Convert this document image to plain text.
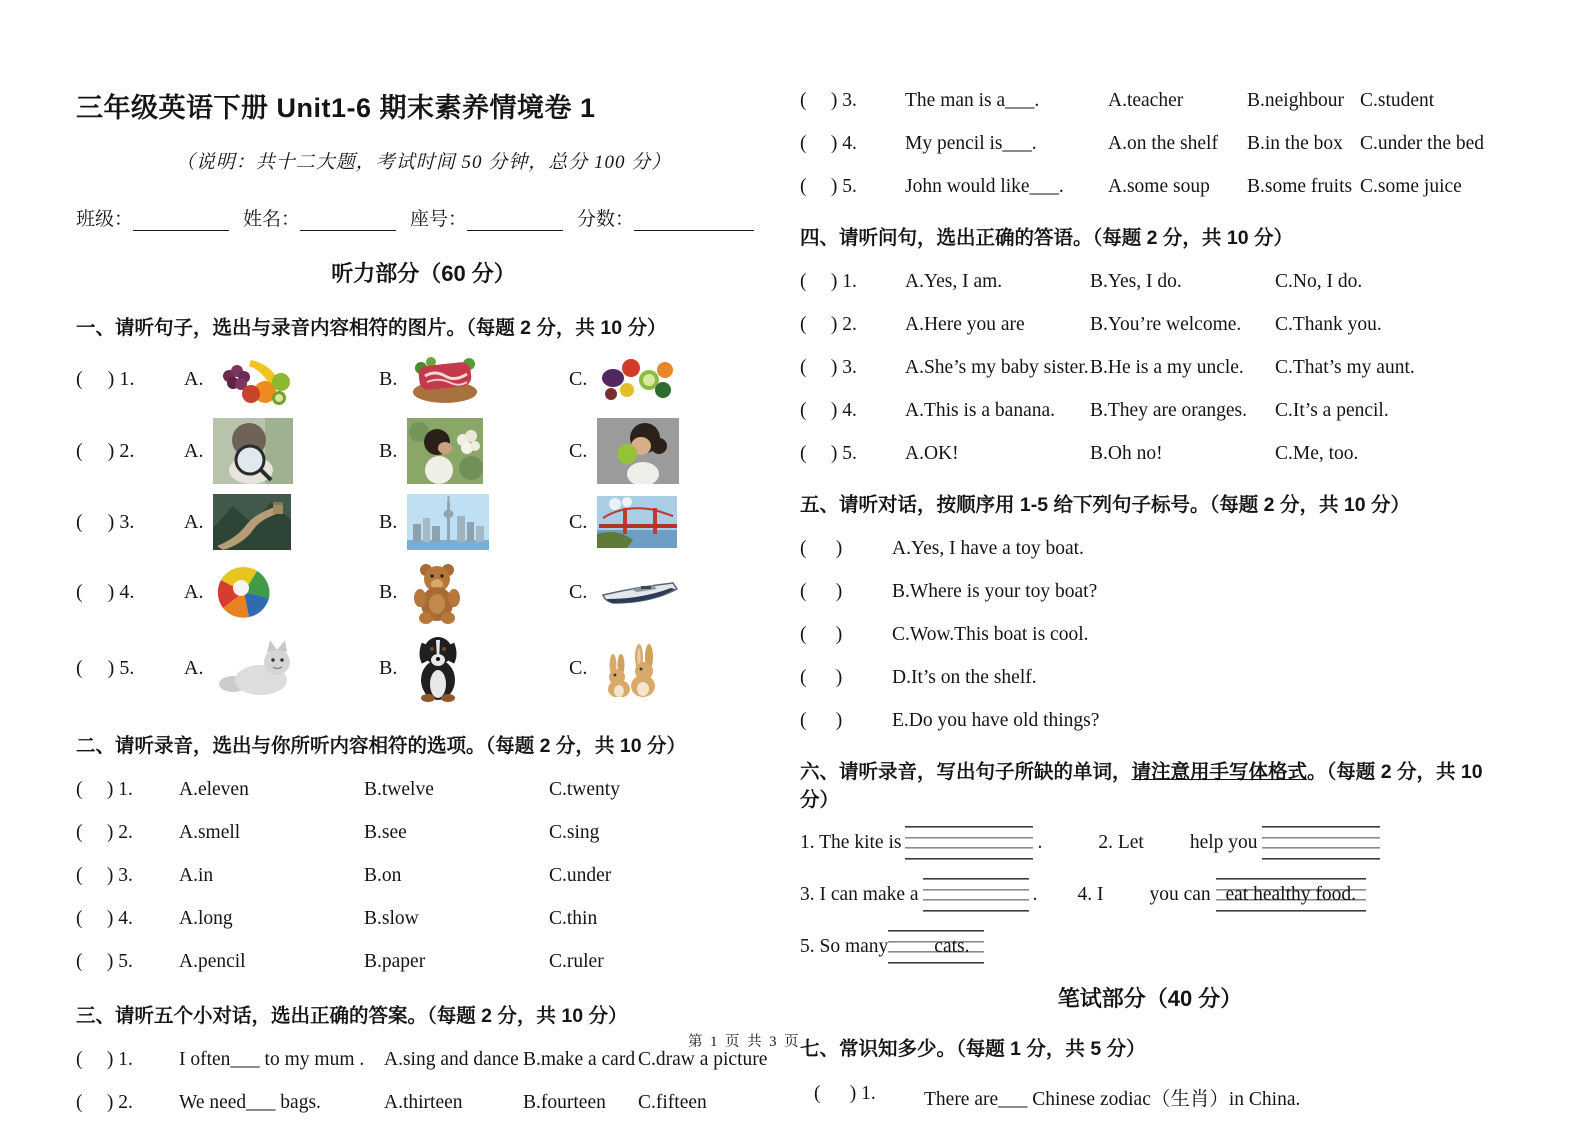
三年级英语下册 Unit1-6 期末素养情境卷 1
（说明：共十二大题，考试时间 50 分钟，总分 100 分）
班级：	姓名：	座号：	分数：
听力部分（60 分）
一、请听句子，选出与录音内容相符的图片。（每题 2 分，共 10 分）
(     ) 1.	A.	B.	C.
(     ) 2.	A.	B.	C.
(     ) 3.	A.	B.	C.
(     ) 4.	A.	B.	C.
(     ) 5.	A.	B.	C.
二、请听录音，选出与你所听内容相符的选项。（每题 2 分，共 10 分）
(     ) 1.	A.eleven	B.twelve	C.twenty
(     ) 2.	A.smell	B.see	C.sing
(     ) 3.	A.in	B.on	C.under
(     ) 4.	A.long	B.slow	C.thin
(     ) 5.	A.pencil	B.paper	C.ruler
三、请听五个小对话，选出正确的答案。（每题 2 分，共 10 分）
(     ) 1.	I often___ to my mum .	A.sing and dance B.make a card C.draw a picture
(     ) 2.	We need___ bags.	A.thirteen	B.fourteen	C.fifteen
(     ) 3.	The man is a___.	A.teacher	B.neighbour C.student
(     ) 4.	My pencil is___.	A.on the shelf	B.in the box C.under the bed
(     ) 5.	John would like___.	A.some soup	B.some fruits C.some juice
四、请听问句，选出正确的答语。（每题 2 分，共 10 分）
(     ) 1.	A.Yes, I am.	B.Yes, I do.	C.No, I do.
(     ) 2.	A.Here you are	B.You’re welcome.	C.Thank you.
(     ) 3.	A.She’s my baby sister. B.He is a my uncle.	C.That’s my aunt.
(     ) 4.	A.This is a banana.	B.They are oranges.	C.It’s a pencil.
(     ) 5.	A.OK!	B.Oh no!	C.Me, too.
五、请听对话，按顺序用 1-5 给下列句子标号。（每题 2 分，共 10 分）
(      )	A.Yes, I have a toy boat.
(      )	B.Where is your toy boat?
(      )	C.Wow.This boat is cool.
(      )	D.It’s on the shelf.
(      )	E.Do you have old things?
六、请听录音，写出句子所缺的单词，请注意用手写体格式。（每题 2 分，共 10 分）
1. The kite is	.	2. Let help you
3. I can make a	. 4. I you can
eat healthy food.
5. So many	cats.
笔试部分（40 分）
七、常识知多少。（每题 1 分，共 5 分）
(      ) 1.	There are___ Chinese zodiac（生肖）in China.
第 1 页 共 3 页
